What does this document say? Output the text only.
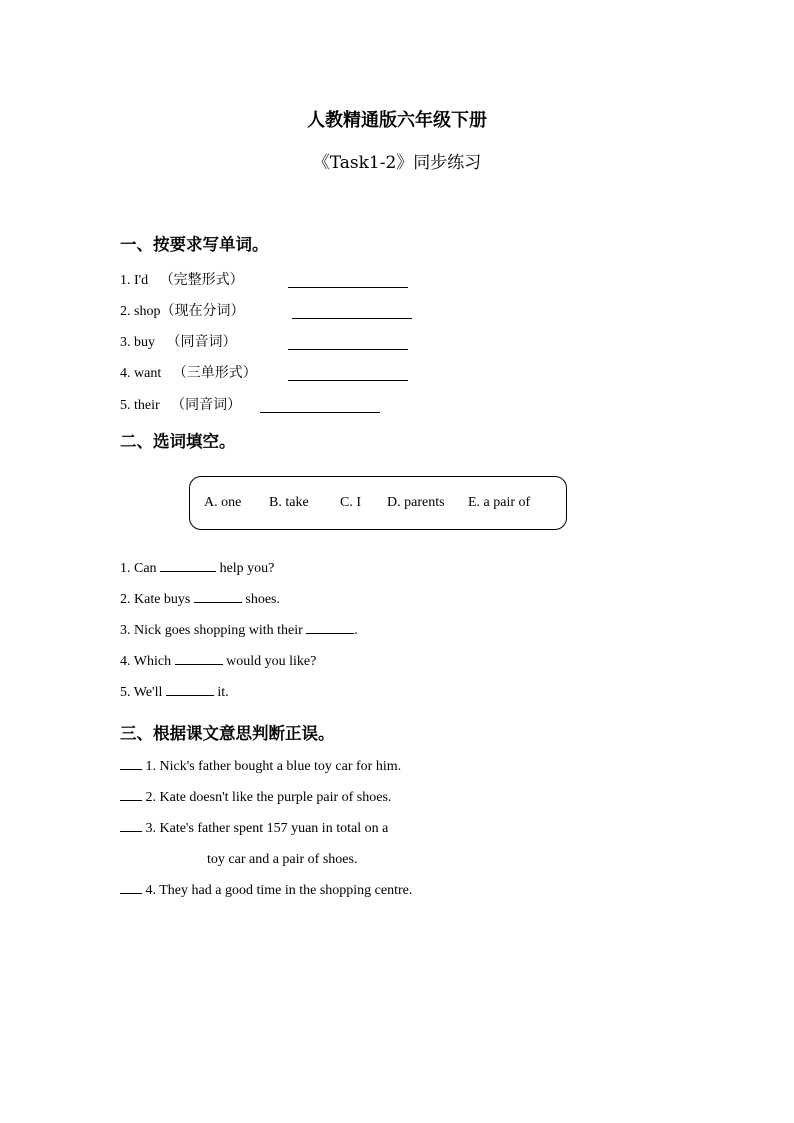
人教精通版六年级下册
《Task1-2》同步练习
一、按要求写单词。
1. I'd （完整形式）
2. shop（现在分词）
3. buy （同音词）
4. want （三单形式）
5. their （同音词）
二、选词填空。
A. one B. take C. I D. parents E. a pair of
1. Can	help you?
2. Kate buys	shoes.
3. Nick goes shopping with their	.
4. Which	would you like?
5. We'll	it.
三、根据课文意思判断正误。
1. Nick's father bought a blue toy car for him.
2. Kate doesn't like the purple pair of shoes.
3. Kate's father spent 157 yuan in total on a
toy car and a pair of shoes.
4. They had a good time in the shopping centre.
